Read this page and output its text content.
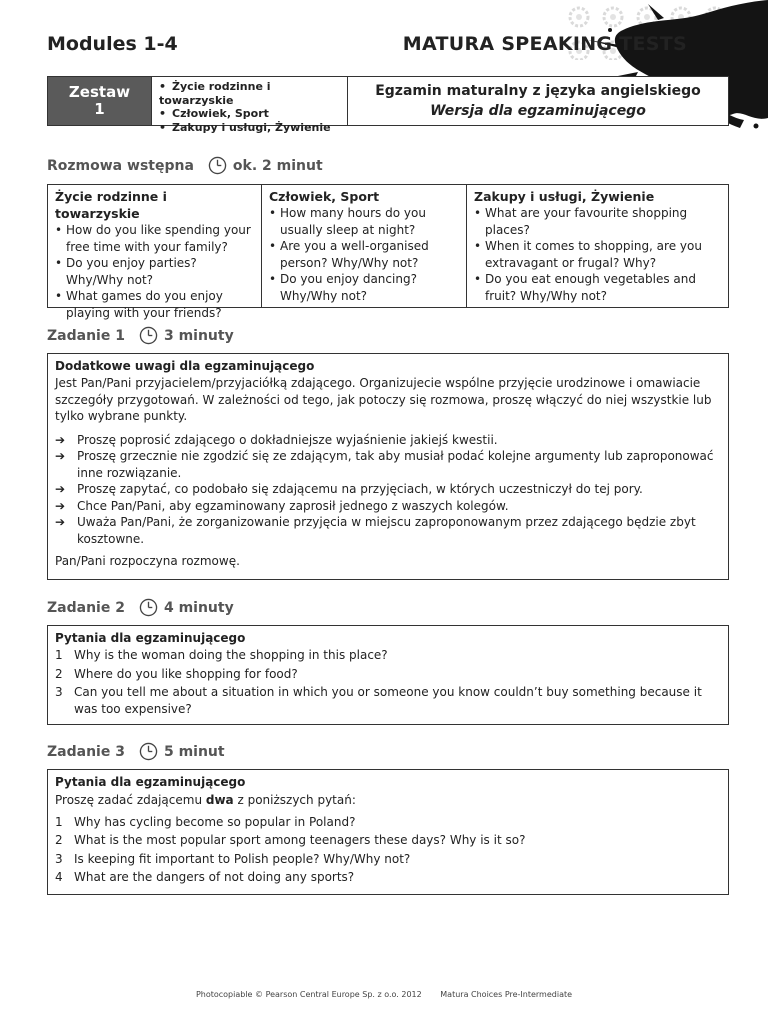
Modules 1-4	MATURA SPEAKING TESTS
Zestaw
1
• Życie rodzinne i towarzyskie
• Człowiek, Sport
• Zakupy i usługi, Żywienie
Egzamin maturalny z języka angielskiego
Wersja dla egzaminującego
Rozmowa wstępna	ok. 2 minut
Życie rodzinne i towarzyskie
• How do you like spending your free time with your family?
• Do you enjoy parties? Why/Why not?
• What games do you enjoy playing with your friends?
Człowiek, Sport
• How many hours do you usually sleep at night?
• Are you a well-organised person? Why/Why not?
• Do you enjoy dancing? Why/Why not?
Zakupy i usługi, Żywienie
• What are your favourite shopping places?
• When it comes to shopping, are you extravagant or frugal? Why?
• Do you eat enough vegetables and fruit? Why/Why not?
Zadanie 1	3 minuty
Dodatkowe uwagi dla egzaminującego

Jest Pan/Pani przyjacielem/przyjaciółką zdającego. Organizujecie wspólne przyjęcie urodzinowe i omawiacie szczegóły przygotowań. W zależności od tego, jak potoczy się rozmowa, proszę włączyć do niej wszystkie lub tylko wybrane punkty.

➔ Proszę poprosić zdającego o dokładniejsze wyjaśnienie jakiejś kwestii.
➔ Proszę grzecznie nie zgodzić się ze zdającym, tak aby musiał podać kolejne argumenty lub zaproponować inne rozwiązanie.
➔ Proszę zapytać, co podobało się zdającemu na przyjęciach, w których uczestniczył do tej pory.
➔ Chce Pan/Pani, aby egzaminowany zaprosił jednego z waszych kolegów.
➔ Uważa Pan/Pani, że zorganizowanie przyjęcia w miejscu zaproponowanym przez zdającego będzie zbyt kosztowne.
Pan/Pani rozpoczyna rozmowę.
Zadanie 2	4 minuty
Pytania dla egzaminującego
1 Why is the woman doing the shopping in this place?
2 Where do you like shopping for food?
3 Can you tell me about a situation in which you or someone you know couldn’t buy something because it was too expensive?
Zadanie 3	5 minut
Pytania dla egzaminującego
Proszę zadać zdającemu dwa z poniższych pytań:
1 Why has cycling become so popular in Poland?
2 What is the most popular sport among teenagers these days? Why is it so?
3 Is keeping fit important to Polish people? Why/Why not?
4 What are the dangers of not doing any sports?
Photocopiable © Pearson Central Europe Sp. z o.o. 2012 Matura Choices Pre-Intermediate
